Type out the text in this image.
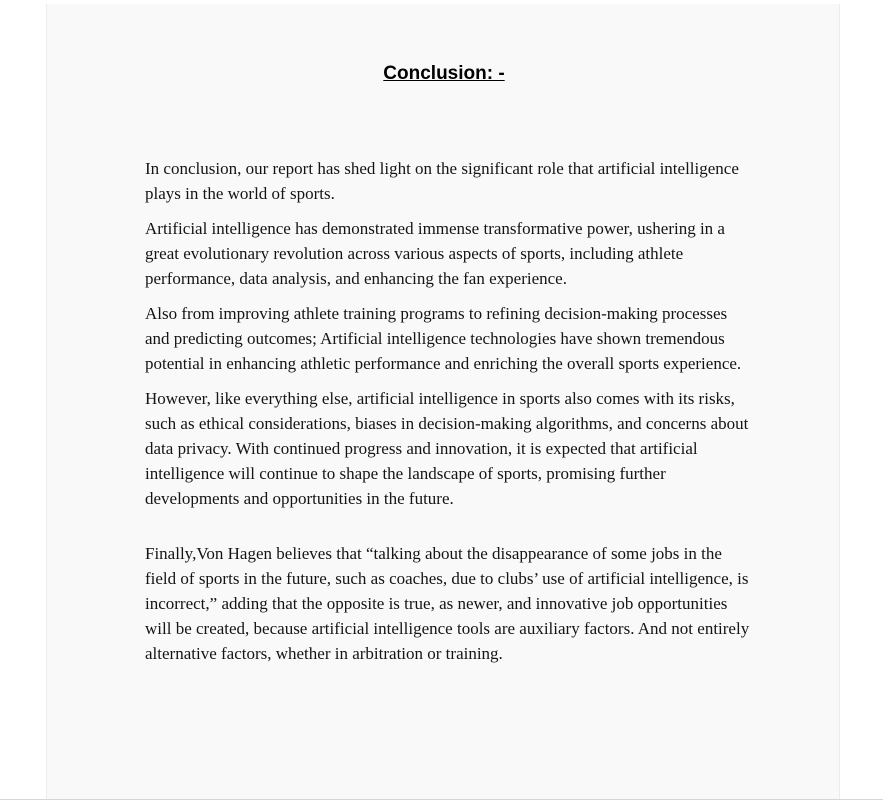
Conclusion: -

In conclusion, our report has shed light on the significant role that artificial intelligence plays in the world of sports.

Artificial intelligence has demonstrated immense transformative power, ushering in a great evolutionary revolution across various aspects of sports, including athlete performance, data analysis, and enhancing the fan experience.

Also from improving athlete training programs to refining decision-making processes and predicting outcomes; Artificial intelligence technologies have shown tremendous potential in enhancing athletic performance and enriching the overall sports experience.

However, like everything else, artificial intelligence in sports also comes with its risks, such as ethical considerations, biases in decision-making algorithms, and concerns about data privacy. With continued progress and innovation, it is expected that artificial intelligence will continue to shape the landscape of sports, promising further developments and opportunities in the future.

Finally,Von Hagen believes that “talking about the disappearance of some jobs in the field of sports in the future, such as coaches, due to clubs’ use of artificial intelligence, is incorrect,” adding that the opposite is true, as newer, and innovative job opportunities will be created, because artificial intelligence tools are auxiliary factors. And not entirely alternative factors, whether in arbitration or training.
